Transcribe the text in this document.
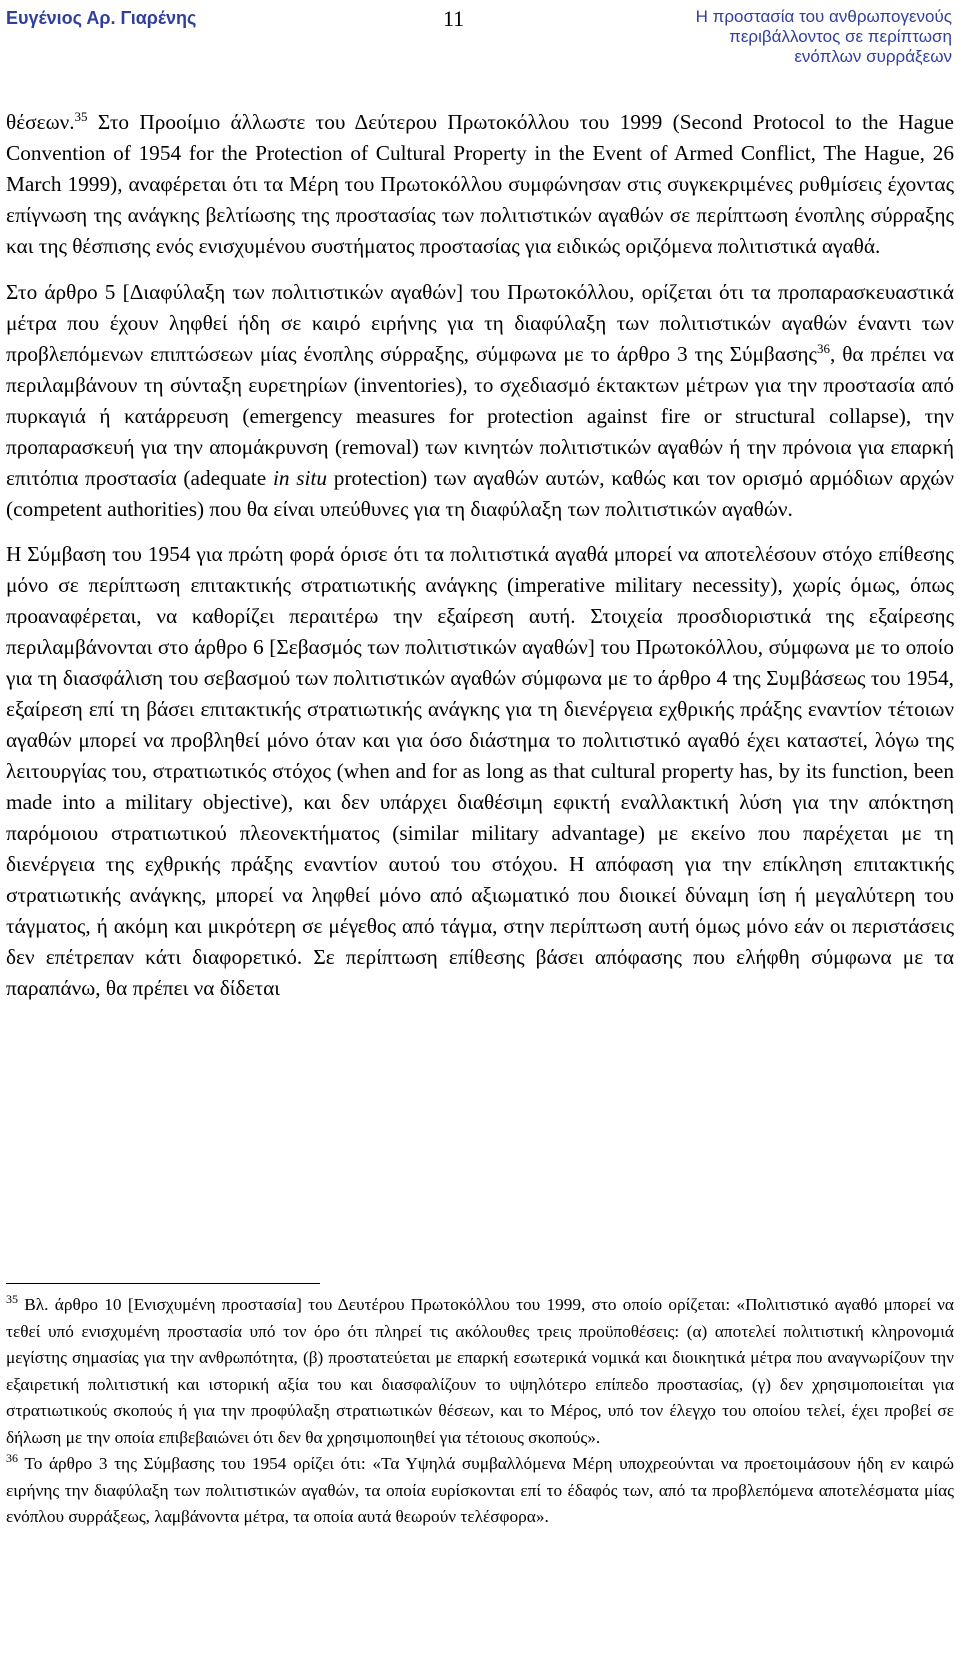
Ευγένιος Αρ. Γιαρένης	11	Η προστασία του ανθρωπογενούς
περιβάλλοντος σε περίπτωση
ενόπλων συρράξεων

θέσεων.$^{35}$ Στο Προοίμιο άλλωστε του Δεύτερου Πρωτοκόλλου του 1999 (Second Protocol to the Hague Convention of 1954 for the Protection of Cultural Property in the Event of Armed Conflict, The Hague, 26 March 1999), αναφέρεται ότι τα Μέρη του Πρωτοκόλλου συμφώνησαν στις συγκεκριμένες ρυθμίσεις έχοντας επίγνωση της ανάγκης βελτίωσης της προστασίας των πολιτιστικών αγαθών σε περίπτωση ένοπλης σύρραξης και της θέσπισης ενός ενισχυμένου συστήματος προστασίας για ειδικώς οριζόμενα πολιτιστικά αγαθά.

Στο άρθρο 5 [Διαφύλαξη των πολιτιστικών αγαθών] του Πρωτοκόλλου, ορίζεται ότι τα προπαρασκευαστικά μέτρα που έχουν ληφθεί ήδη σε καιρό ειρήνης για τη διαφύλαξη των πολιτιστικών αγαθών έναντι των προβλεπόμενων επιπτώσεων μίας ένοπλης σύρραξης, σύμφωνα με το άρθρο 3 της Σύμβασης$^{36}$, θα πρέπει να περιλαμβάνουν τη σύνταξη ευρετηρίων (inventories), το σχεδιασμό έκτακτων μέτρων για την προστασία από πυρκαγιά ή κατάρρευση (emergency measures for protection against fire or structural collapse), την προπαρασκευή για την απομάκρυνση (removal) των κινητών πολιτιστικών αγαθών ή την πρόνοια για επαρκή επιτόπια προστασία (adequate in situ protection) των αγαθών αυτών, καθώς και τον ορισμό αρμόδιων αρχών (competent authorities) που θα είναι υπεύθυνες για τη διαφύλαξη των πολιτιστικών αγαθών.

Η Σύμβαση του 1954 για πρώτη φορά όρισε ότι τα πολιτιστικά αγαθά μπορεί να αποτελέσουν στόχο επίθεσης μόνο σε περίπτωση επιτακτικής στρατιωτικής ανάγκης (imperative military necessity), χωρίς όμως, όπως προαναφέρεται, να καθορίζει περαιτέρω την εξαίρεση αυτή. Στοιχεία προσδιοριστικά της εξαίρεσης περιλαμβάνονται στο άρθρο 6 [Σεβασμός των πολιτιστικών αγαθών] του Πρωτοκόλλου, σύμφωνα με το οποίο για τη διασφάλιση του σεβασμού των πολιτιστικών αγαθών σύμφωνα με το άρθρο 4 της Συμβάσεως του 1954, εξαίρεση επί τη βάσει επιτακτικής στρατιωτικής ανάγκης για τη διενέργεια εχθρικής πράξης εναντίον τέτοιων αγαθών μπορεί να προβληθεί μόνο όταν και για όσο διάστημα το πολιτιστικό αγαθό έχει καταστεί, λόγω της λειτουργίας του, στρατιωτικός στόχος (when and for as long as that cultural property has, by its function, been made into a military objective), και δεν υπάρχει διαθέσιμη εφικτή εναλλακτική λύση για την απόκτηση παρόμοιου στρατιωτικού πλεονεκτήματος (similar military advantage) με εκείνο που παρέχεται με τη διενέργεια της εχθρικής πράξης εναντίον αυτού του στόχου. Η απόφαση για την επίκληση επιτακτικής στρατιωτικής ανάγκης, μπορεί να ληφθεί μόνο από αξιωματικό που διοικεί δύναμη ίση ή μεγαλύτερη του τάγματος, ή ακόμη και μικρότερη σε μέγεθος από τάγμα, στην περίπτωση αυτή όμως μόνο εάν οι περιστάσεις δεν επέτρεπαν κάτι διαφορετικό. Σε περίπτωση επίθεσης βάσει απόφασης που ελήφθη σύμφωνα με τα παραπάνω, θα πρέπει να δίδεται

$^{35}$ Βλ. άρθρο 10 [Ενισχυμένη προστασία] του Δευτέρου Πρωτοκόλλου του 1999, στο οποίο ορίζεται: «Πολιτιστικό αγαθό μπορεί να τεθεί υπό ενισχυμένη προστασία υπό τον όρο ότι πληρεί τις ακόλουθες τρεις προϋποθέσεις: (α) αποτελεί πολιτιστική κληρονομιά μεγίστης σημασίας για την ανθρωπότητα, (β) προστατεύεται με επαρκή εσωτερικά νομικά και διοικητικά μέτρα που αναγνωρίζουν την εξαιρετική πολιτιστική και ιστορική αξία του και διασφαλίζουν το υψηλότερο επίπεδο προστασίας, (γ) δεν χρησιμοποιείται για στρατιωτικούς σκοπούς ή για την προφύλαξη στρατιωτικών θέσεων, και το Μέρος, υπό τον έλεγχο του οποίου τελεί, έχει προβεί σε δήλωση με την οποία επιβεβαιώνει ότι δεν θα χρησιμοποιηθεί για τέτοιους σκοπούς».

$^{36}$ Το άρθρο 3 της Σύμβασης του 1954 ορίζει ότι: «Τα Υψηλά συμβαλλόμενα Μέρη υποχρεούνται να προετοιμάσουν ήδη εν καιρώ ειρήνης την διαφύλαξη των πολιτιστικών αγαθών, τα οποία ευρίσκονται επί το έδαφός των, από τα προβλεπόμενα αποτελέσματα μίας ενόπλου συρράξεως, λαμβάνοντα μέτρα, τα οποία αυτά θεωρούν τελέσφορα».
